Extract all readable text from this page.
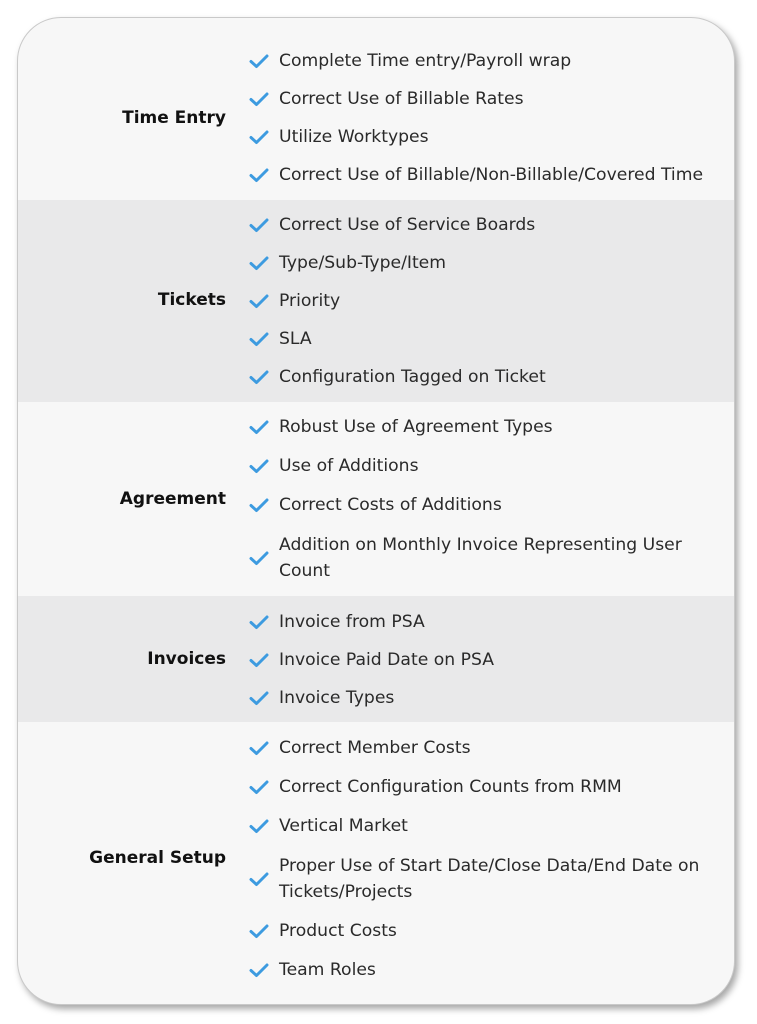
Time Entry
Complete Time entry/Payroll wrap
Correct Use of Billable Rates
Utilize Worktypes
Correct Use of Billable/Non-Billable/Covered Time
Tickets
Correct Use of Service Boards
Type/Sub-Type/Item
Priority
SLA
Configuration Tagged on Ticket
Agreement
Robust Use of Agreement Types
Use of Additions
Correct Costs of Additions
Addition on Monthly Invoice Representing User Count
Invoices
Invoice from PSA
Invoice Paid Date on PSA
Invoice Types
General Setup
Correct Member Costs
Correct Configuration Counts from RMM
Vertical Market
Proper Use of Start Date/Close Data/End Date on Tickets/Projects
Product Costs
Team Roles
